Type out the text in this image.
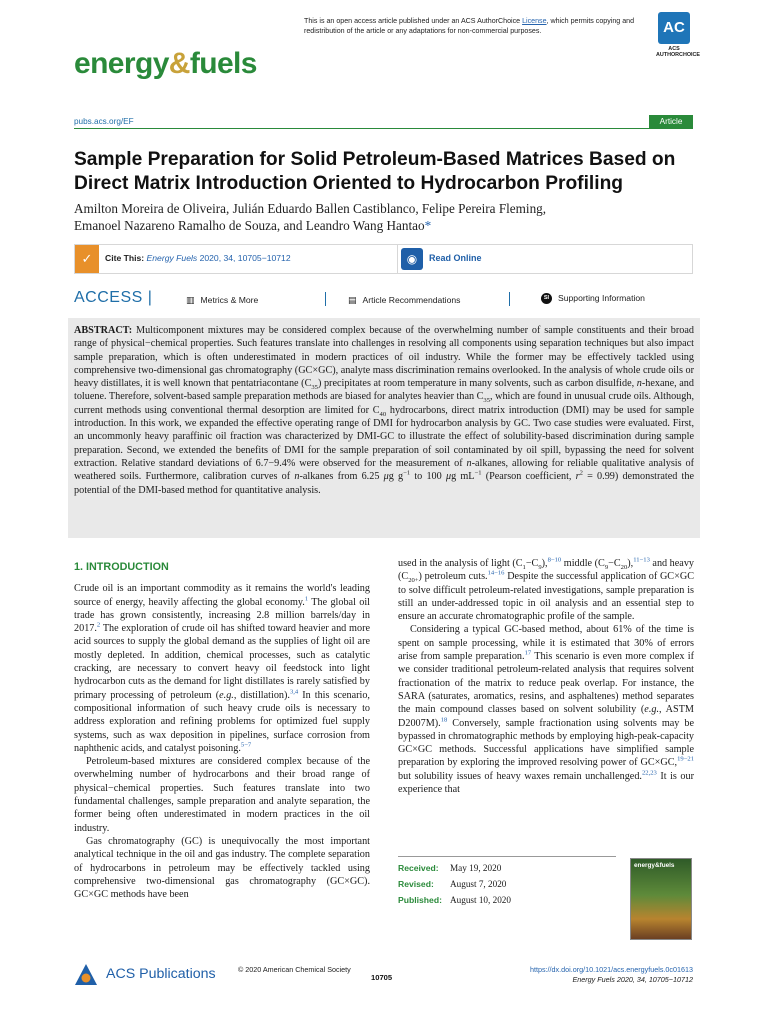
This is an open access article published under an ACS AuthorChoice License, which permits copying and redistribution of the article or any adaptations for non-commercial purposes.	AC
ACS
AUTHORCHOICE
energy&fuels
pubs.acs.org/EF	Article
Sample Preparation for Solid Petroleum-Based Matrices Based on Direct Matrix Introduction Oriented to Hydrocarbon Profiling
Amilton Moreira de Oliveira, Julián Eduardo Ballen Castiblanco, Felipe Pereira Fleming,
Emanoel Nazareno Ramalho de Souza, and Leandro Wang Hantao*
✓	Cite This: Energy Fuels 2020, 34, 10705−10712	◉	Read Online
ACCESS |	▥ Metrics & More	▤ Article Recommendations	SI Supporting Information
ABSTRACT: Multicomponent mixtures may be considered complex because of the overwhelming number of sample constituents and their broad range of physical−chemical properties. Such features translate into challenges in resolving all components using separation techniques but also impact sample preparation, which is often underestimated in modern practices of oil industry. While the former may be effectively tackled using comprehensive two-dimensional gas chromatography (GC×GC), analyte mass discrimination remains overlooked. In the analysis of whole crude oils or heavy distillates, it is well known that pentatriacontane $(C_{35})$ precipitates at room temperature in many solvents, such as carbon disulfide, n-hexane, and toluene. Therefore, solvent-based sample preparation methods are biased for analytes heavier than $C_{35}$, which are found in unusual crude oils. Although, current methods using conventional thermal desorption are limited for $C_{40}$ hydrocarbons, direct matrix introduction (DMI) may be used for sample introduction. In this work, we expanded the effective operating range of DMI for hydrocarbon analysis by GC. Two case studies were evaluated. First, an uncommonly heavy paraffinic oil fraction was characterized by DMI-GC to illustrate the effect of solubility-based discrimination during sample preparation. Second, we extended the benefits of DMI for the sample preparation of soil contaminated by oil spill, bypassing the need for solvent extraction. Relative standard deviations of 6.7−9.4% were observed for the measurement of n-alkanes, allowing for reliable qualitative analysis of weathered soils. Furthermore, calibration curves of n-alkanes from 6.25 μg $g^{-1}$ to 100 μg $mL^{-1}$ (Pearson coefficient, $r^2 = 0.99$) demonstrated the potential of the DMI-based method for quantitative analysis.
1. INTRODUCTION

Crude oil is an important commodity as it remains the world's leading source of energy, heavily affecting the global economy.$^1$ The global oil trade has grown consistently, increasing 2.8 million barrels/day in 2017.$^2$ The exploration of crude oil has shifted toward heavier and more acid sources to supply the global demand as the supplies of light oil are mostly depleted. In addition, chemical processes, such as catalytic cracking, are necessary to convert heavy oil feedstock into light hydrocarbon cuts as the demand for light distillates is rarely satisfied by primary processing of petroleum (e.g., distillation).$^{3,4}$ In this scenario, compositional information of such heavy crude oils is necessary to address exploration and refining problems for optimized fuel supply systems, such as wax deposition in pipelines, surface corrosion from naphthenic acids, and catalyst poisoning.$^{5-7}$

Petroleum-based mixtures are considered complex because of the overwhelming number of hydrocarbons and their broad range of physical−chemical properties. Such features translate into two fundamental challenges, sample preparation and analyte separation, the former being often underestimated in modern practices in the oil industry.

Gas chromatography (GC) is unequivocally the most important analytical technique in the oil and gas industry. The complete separation of hydrocarbons in petroleum may be effectively tackled using comprehensive two-dimensional gas chromatography (GC×GC). GC×GC methods have been

used in the analysis of light $(C_1-C_9),^{8-10}$ middle $(C_9-C_{20}),^{11-13}$ and heavy $(C_{20+})$ petroleum cuts.$^{14-16}$ Despite the successful application of GC×GC to solve difficult petroleum-related investigations, sample preparation is still an under-addressed topic in oil analysis and an essential step to ensure an accurate chromatographic profile of the sample.

Considering a typical GC-based method, about 61% of the time is spent on sample processing, while it is estimated that 30% of errors arise from sample preparation.$^{17}$ This scenario is even more complex if we consider traditional petroleum-related analysis that requires solvent fractionation of the matrix to reduce peak overlap. For instance, the SARA (saturates, aromatics, resins, and asphaltenes) method separates the main compound classes based on solvent solubility (e.g., ASTM D2007M).$^{18}$ Conversely, sample fractionation using solvents may be bypassed in chromatographic methods by employing high-peak-capacity GC×GC methods. Successful applications have simplified sample preparation by exploring the improved resolving power of GC×GC,$^{19-21}$ but solubility issues of heavy waxes remain unchallenged.$^{22,23}$ It is our experience that

Received: May 19, 2020
Revised: August 7, 2020
Published: August 10, 2020
energy&fuels
ACS Publications	© 2020 American Chemical Society
10705
https://dx.doi.org/10.1021/acs.energyfuels.0c01613
Energy Fuels 2020, 34, 10705−10712
